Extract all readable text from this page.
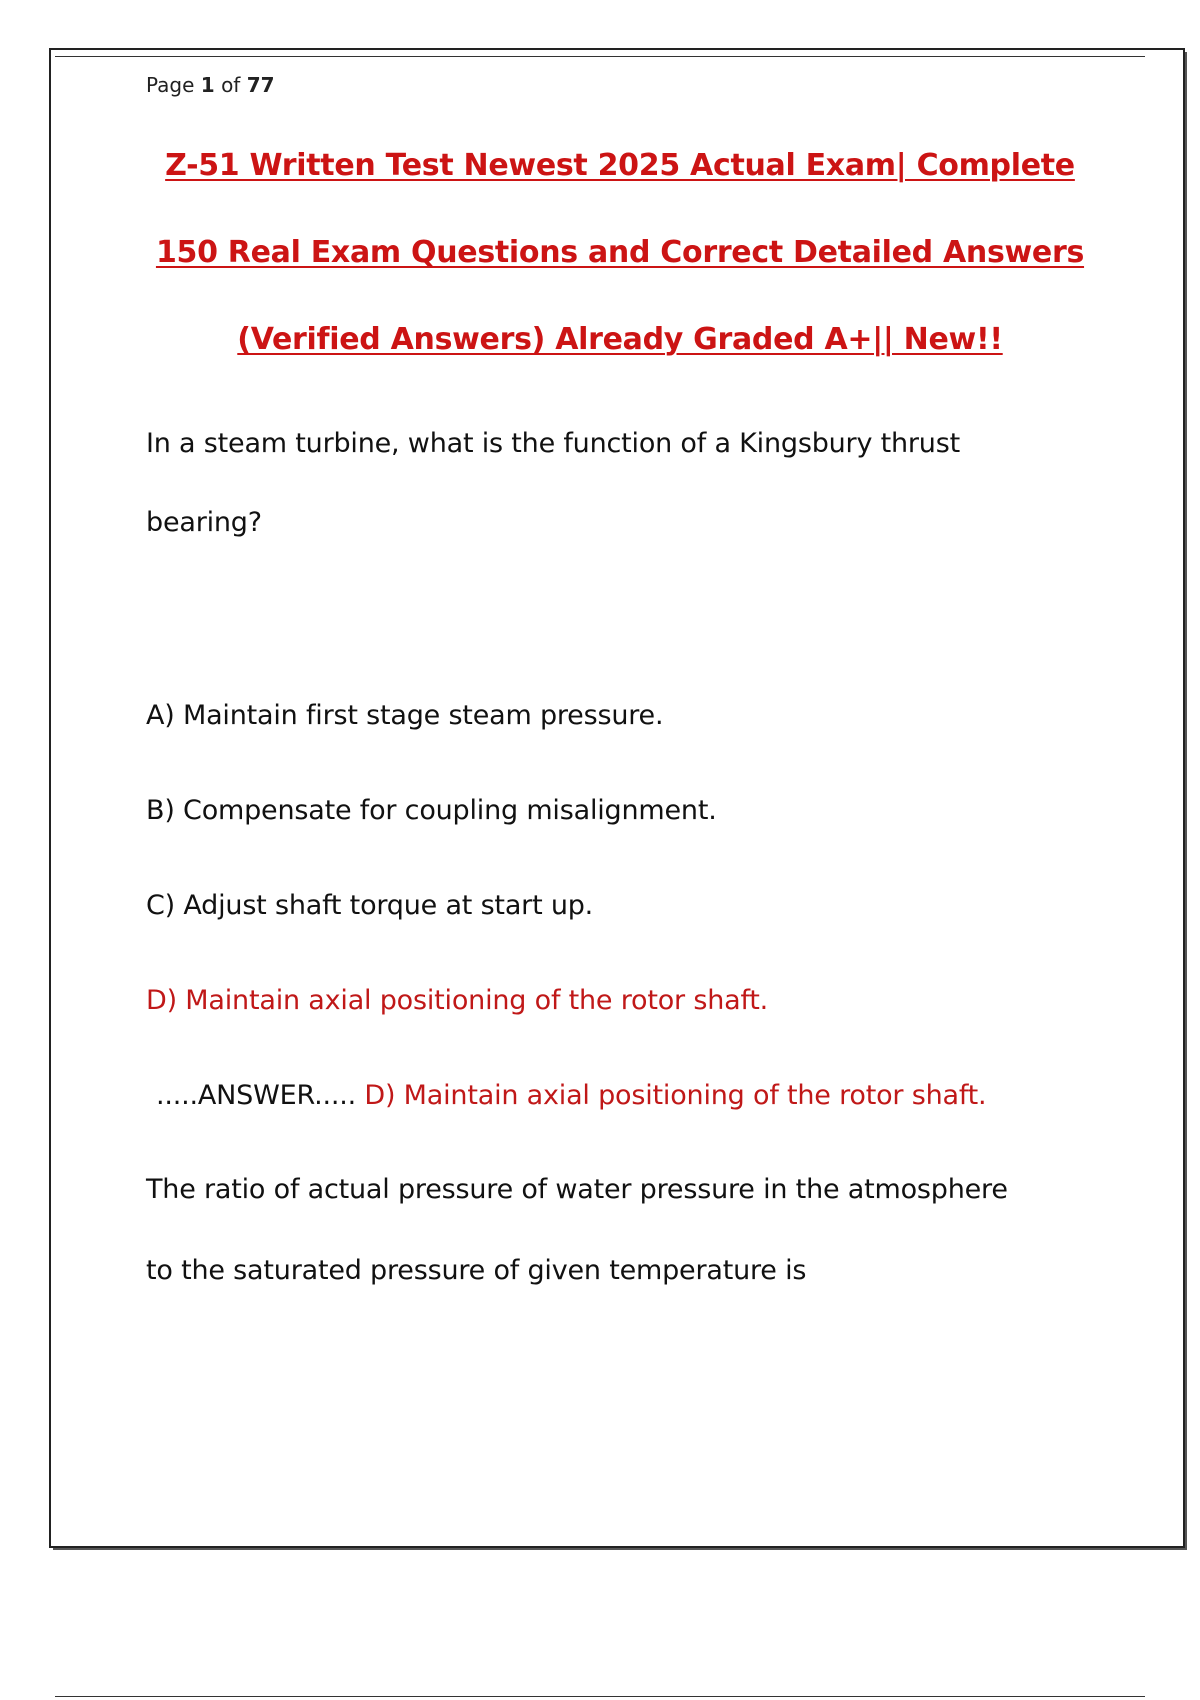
Page 1 of 77
Z-51 Written Test Newest 2025 Actual Exam| Complete
150 Real Exam Questions and Correct Detailed Answers
(Verified Answers) Already Graded A+|| New!!
In a steam turbine, what is the function of a Kingsbury thrust
bearing?
A) Maintain first stage steam pressure.
B) Compensate for coupling misalignment.
C) Adjust shaft torque at start up.
D) Maintain axial positioning of the rotor shaft.
.....ANSWER..... D) Maintain axial positioning of the rotor shaft.
The ratio of actual pressure of water pressure in the atmosphere
to the saturated pressure of given temperature is
